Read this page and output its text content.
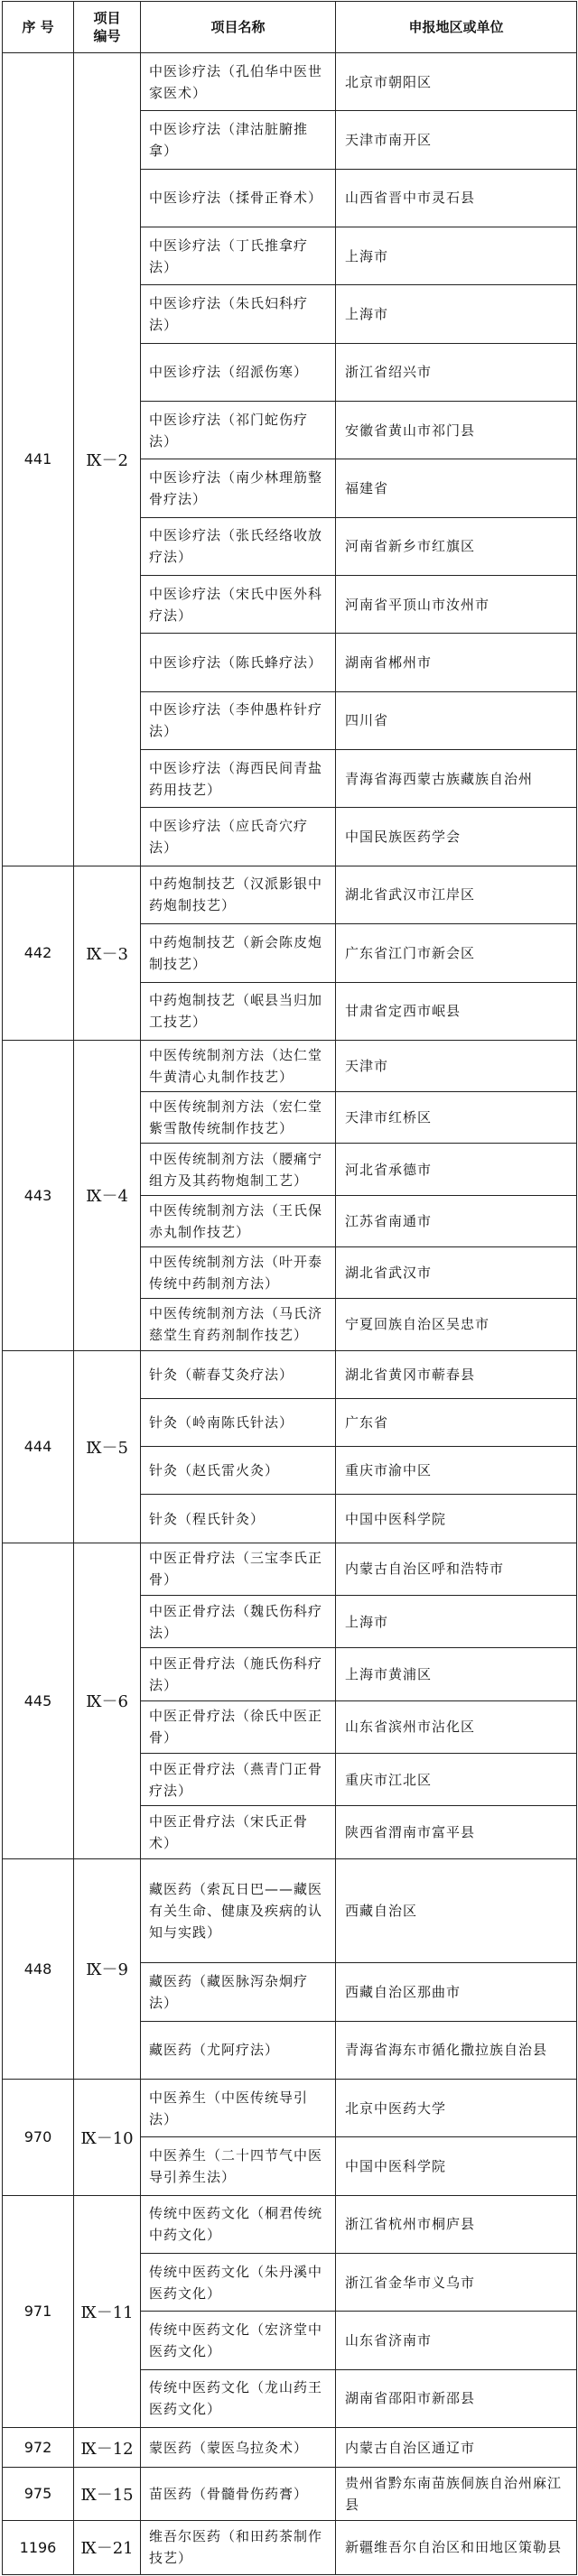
序 号	项目编号	项目名称	申报地区或单位
441	Ⅸ－2	中医诊疗法（孔伯华中医世家医术）	北京市朝阳区
		中医诊疗法（津沽脏腑推拿）	天津市南开区
		中医诊疗法（揉骨正脊术）	山西省晋中市灵石县
		中医诊疗法（丁氏推拿疗法）	上海市
		中医诊疗法（朱氏妇科疗法）	上海市
		中医诊疗法（绍派伤寒）	浙江省绍兴市
		中医诊疗法（祁门蛇伤疗法）	安徽省黄山市祁门县
		中医诊疗法（南少林理筋整骨疗法）	福建省
		中医诊疗法（张氏经络收放疗法）	河南省新乡市红旗区
		中医诊疗法（宋氏中医外科疗法）	河南省平顶山市汝州市
		中医诊疗法（陈氏蜂疗法）	湖南省郴州市
		中医诊疗法（李仲愚杵针疗法）	四川省
		中医诊疗法（海西民间青盐药用技艺）	青海省海西蒙古族藏族自治州
		中医诊疗法（应氏奇穴疗法）	中国民族医药学会
442	Ⅸ－3	中药炮制技艺（汉派影银中药炮制技艺）	湖北省武汉市江岸区
		中药炮制技艺（新会陈皮炮制技艺）	广东省江门市新会区
		中药炮制技艺（岷县当归加工技艺）	甘肃省定西市岷县
443	Ⅸ－4	中医传统制剂方法（达仁堂牛黄清心丸制作技艺）	天津市
		中医传统制剂方法（宏仁堂紫雪散传统制作技艺）	天津市红桥区
		中医传统制剂方法（腰痛宁组方及其药物炮制工艺）	河北省承德市
		中医传统制剂方法（王氏保赤丸制作技艺）	江苏省南通市
		中医传统制剂方法（叶开泰传统中药制剂方法）	湖北省武汉市
		中医传统制剂方法（马氏济慈堂生育药剂制作技艺）	宁夏回族自治区吴忠市
444	Ⅸ－5	针灸（蕲春艾灸疗法）	湖北省黄冈市蕲春县
		针灸（岭南陈氏针法）	广东省
		针灸（赵氏雷火灸）	重庆市渝中区
		针灸（程氏针灸）	中国中医科学院
445	Ⅸ－6	中医正骨疗法（三宝李氏正骨）	内蒙古自治区呼和浩特市
		中医正骨疗法（魏氏伤科疗法）	上海市
		中医正骨疗法（施氏伤科疗法）	上海市黄浦区
		中医正骨疗法（徐氏中医正骨）	山东省滨州市沾化区
		中医正骨疗法（燕青门正骨疗法）	重庆市江北区
		中医正骨疗法（宋氏正骨术）	陕西省渭南市富平县
448	Ⅸ－9	藏医药（索瓦日巴——藏医有关生命、健康及疾病的认知与实践）	西藏自治区
		藏医药（藏医脉泻杂炯疗法）	西藏自治区那曲市
		藏医药（尤阿疗法）	青海省海东市循化撒拉族自治县
970	Ⅸ－10	中医养生（中医传统导引法）	北京中医药大学
		中医养生（二十四节气中医导引养生法）	中国中医科学院
971	Ⅸ－11	传统中医药文化（桐君传统中药文化）	浙江省杭州市桐庐县
		传统中医药文化（朱丹溪中医药文化）	浙江省金华市义乌市
		传统中医药文化（宏济堂中医药文化）	山东省济南市
		传统中医药文化（龙山药王医药文化）	湖南省邵阳市新邵县
972	Ⅸ－12	蒙医药（蒙医乌拉灸术）	内蒙古自治区通辽市
975	Ⅸ－15	苗医药（骨髓骨伤药膏）	贵州省黔东南苗族侗族自治州麻江县
1196	Ⅸ－21	维吾尔医药（和田药茶制作技艺）	新疆维吾尔自治区和田地区策勒县
